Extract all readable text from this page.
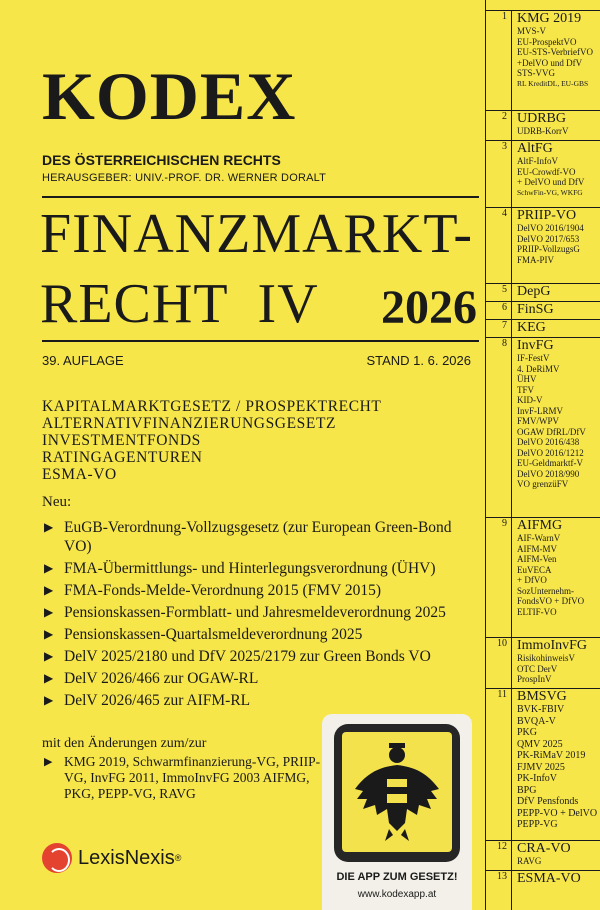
KODEX
DES ÖSTERREICHISCHEN RECHTS
HERAUSGEBER: UNIV.-PROF. DR. WERNER DORALT
FINANZMARKT-
RECHT  IV 2026
39. AUFLAGE	STAND 1. 6. 2026
KAPITALMARKTGESETZ / PROSPEKTRECHT
ALTERNATIVFINANZIERUNGSGESETZ
INVESTMENTFONDS
RATINGAGENTUREN
ESMA-VO
Neu:
▶ EuGB-Verordnung-Vollzugsgesetz (zur European Green-Bond VO)
▶ FMA-Übermittlungs- und Hinterlegungsverordnung (ÜHV)
▶ FMA-Fonds-Melde-Verordnung 2015 (FMV 2015)
▶ Pensionskassen-Formblatt- und Jahresmeldeverordnung 2025
▶ Pensionskassen-Quartalsmeldeverordnung 2025
▶ DelV 2025/2180 und DfV 2025/2179 zur Green Bonds VO
▶ DelV 2026/466 zur OGAW-RL
▶ DelV 2026/465 zur AIFM-RL
mit den Änderungen zum/zur
▶ KMG 2019, Schwarmfinanzierung-VG, PRIIP-VG, InvFG 2011, ImmoInvFG 2003 AIFMG, PKG, PEPP-VG, RAVG
LexisNexis ®
DIE APP ZUM GESETZ!
www.kodexapp.at
1 KMG 2019
MVS-V
EU-ProspektVO
EU-STS-VerbriefVO
+DelVO und DfV
STS-VVG
RL KreditDL, EU-GBS
2 UDRBG
UDRB-KorrV
3 AltFG
AltF-InfoV
EU-Crowdf-VO
+ DelVO und DfV
SchwFin-VG, WKFG
4 PRIIP-VO
DelVO 2016/1904
DelVO 2017/653
PRIIP-VollzugsG
FMA-PIV
5 DepG
6 FinSG
7 KEG
8 InvFG
IF-FestV
4. DeRiMV
ÜHV
TFV
KID-V
InvF-LRMV
FMV/WPV
OGAW DfRL/DfV
DelVO 2016/438
DelVO 2016/1212
EU-Geldmarktf-V
DelVO 2018/990
VO grenzüFV
9 AIFMG
AIF-WarnV
AIFM-MV
AIFM-Ven
EuVECA
+ DfVO
SozUnternehm-
FondsVO + DfVO
ELTIF-VO
10 ImmoInvFG
RisikohinweisV
OTC DerV
ProspInV
11 BMSVG
BVK-FBIV
BVQA-V
PKG
QMV 2025
PK-RiMaV 2019
FJMV 2025
PK-InfoV
BPG
DfV Pensfonds
PEPP-VO + DelVO
PEPP-VG
12 CRA-VO
RAVG
13 ESMA-VO
